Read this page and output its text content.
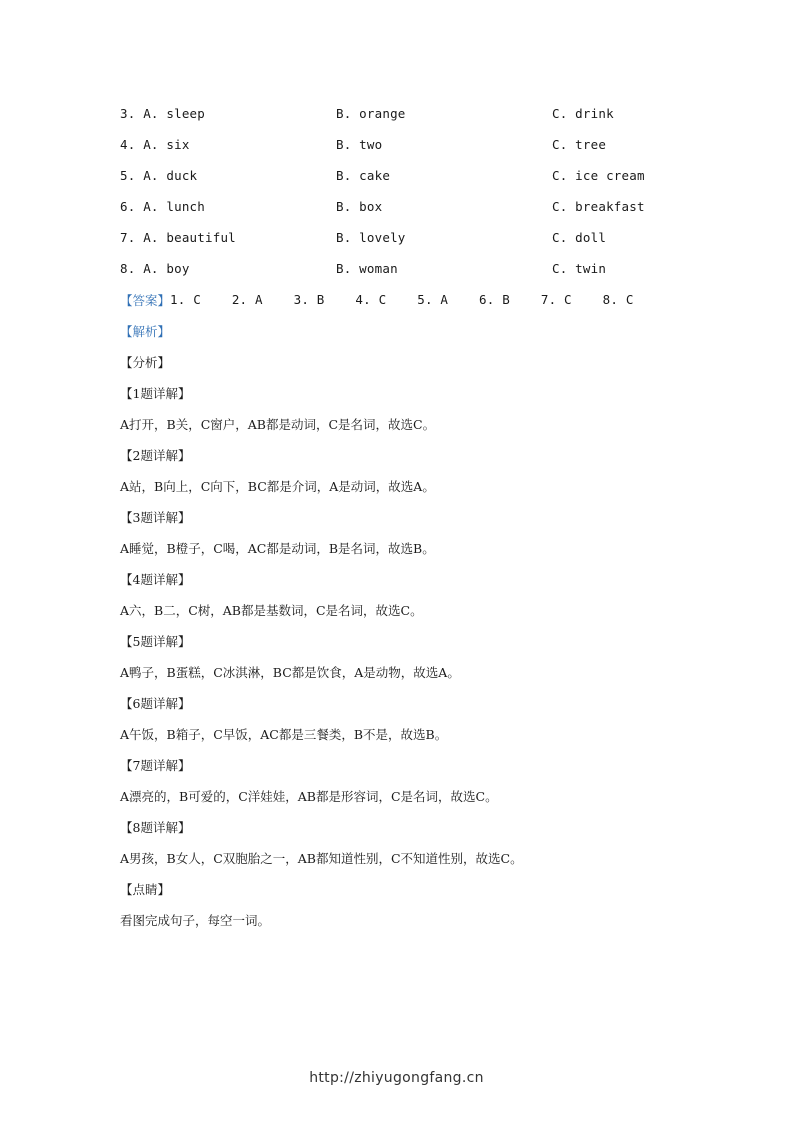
3. A. sleep	B. orange	C. drink
4. A. six	B. two	C. tree
5. A. duck	B. cake	C. ice cream
6. A. lunch	B. box	C. breakfast
7. A. beautiful	B. lovely	C. doll
8. A. boy	B. woman	C. twin
【答案】 1. C    2. A    3. B    4. C    5. A    6. B    7. C    8. C
【解析】
【分析】
【1题详解】
A打开，B关，C窗户，AB都是动词，C是名词，故选C。
【2题详解】
A站，B向上，C向下，BC都是介词，A是动词，故选A。
【3题详解】
A睡觉，B橙子，C喝，AC都是动词，B是名词，故选B。
【4题详解】
A六，B二，C树，AB都是基数词，C是名词，故选C。
【5题详解】
A鸭子，B蛋糕，C冰淇淋，BC都是饮食，A是动物，故选A。
【6题详解】
A午饭，B箱子，C早饭，AC都是三餐类，B不是，故选B。
【7题详解】
A漂亮的，B可爱的，C洋娃娃，AB都是形容词，C是名词，故选C。
【8题详解】
A男孩，B女人，C双胞胎之一，AB都知道性别，C不知道性别，故选C。
【点睛】
看图完成句子，每空一词。
http://zhiyugongfang.cn
